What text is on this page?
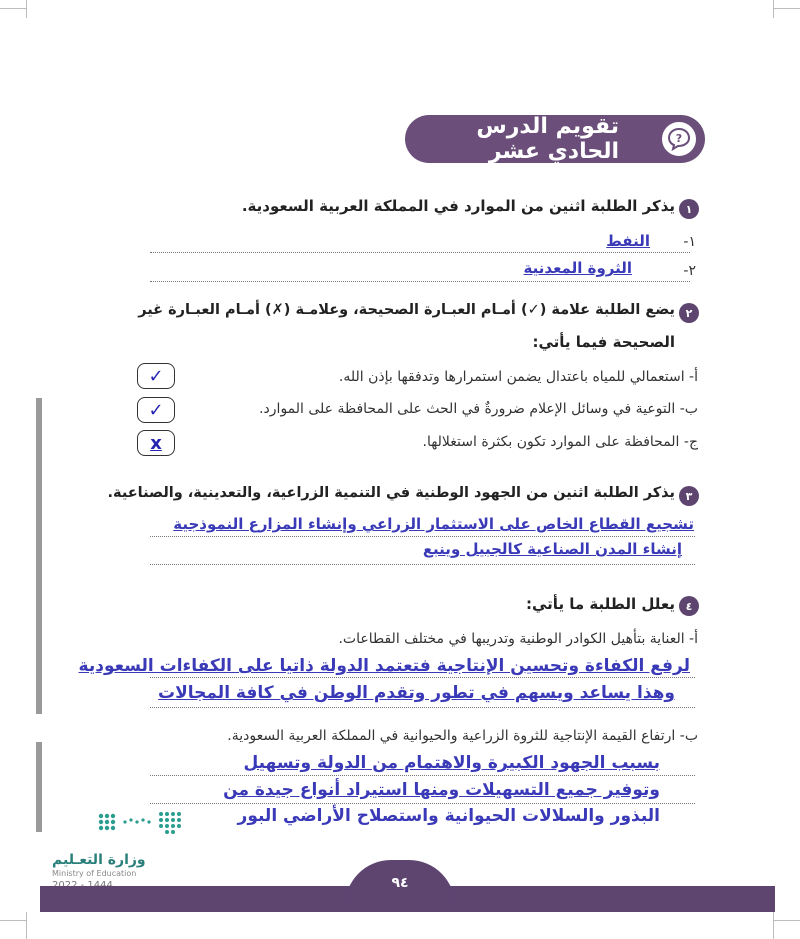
تقويم الدرس الحادي عشر
?
١
يذكر الطلبة اثنين من الموارد في المملكة العربية السعودية.
١-
النفط
٢-
الثروة المعدنية
٢
يضع الطلبة علامة (✓) أمـام العبـارة الصحيحة، وعلامـة (✗) أمـام العبـارة غير
الصحيحة فيما يأتي:
أ- استعمالي للمياه باعتدال يضمن استمرارها وتدفقها بإذن الله.
✓
ب- التوعية في وسائل الإعلام ضرورةٌ في الحث على المحافظة على الموارد.
✓
ج- المحافظة على الموارد تكون بكثرة استغلالها.
x
٣
يذكر الطلبة اثنين من الجهود الوطنية في التنمية الزراعية، والتعدينية، والصناعية.
تشجيع القطاع الخاص على الاستثمار الزراعي وإنشاء المزارع النموذجية
إنشاء المدن الصناعية كالجبيل وينبع
٤
يعلل الطلبة ما يأتي:
أ- العناية بتأهيل الكوادر الوطنية وتدريبها في مختلف القطاعات.
لرفع الكفاءة وتحسين الإنتاجية فتعتمد الدولة ذاتيا على الكفاءات السعودية
وهذا يساعد ويسهم في تطور وتقدم الوطن في كافة المجالات
ب- ارتفاع القيمة الإنتاجية للثروة الزراعية والحيوانية في المملكة العربية السعودية.
بسبب الجهود الكبيرة والاهتمام من الدولة وتسهيل
وتوفير جميع التسهيلات ومنها استيراد أنواع جيدة من
البذور والسلالات الحيوانية واستصلاح الأراضي البور
وزارة التعـليم
Ministry of Education
٩٤
